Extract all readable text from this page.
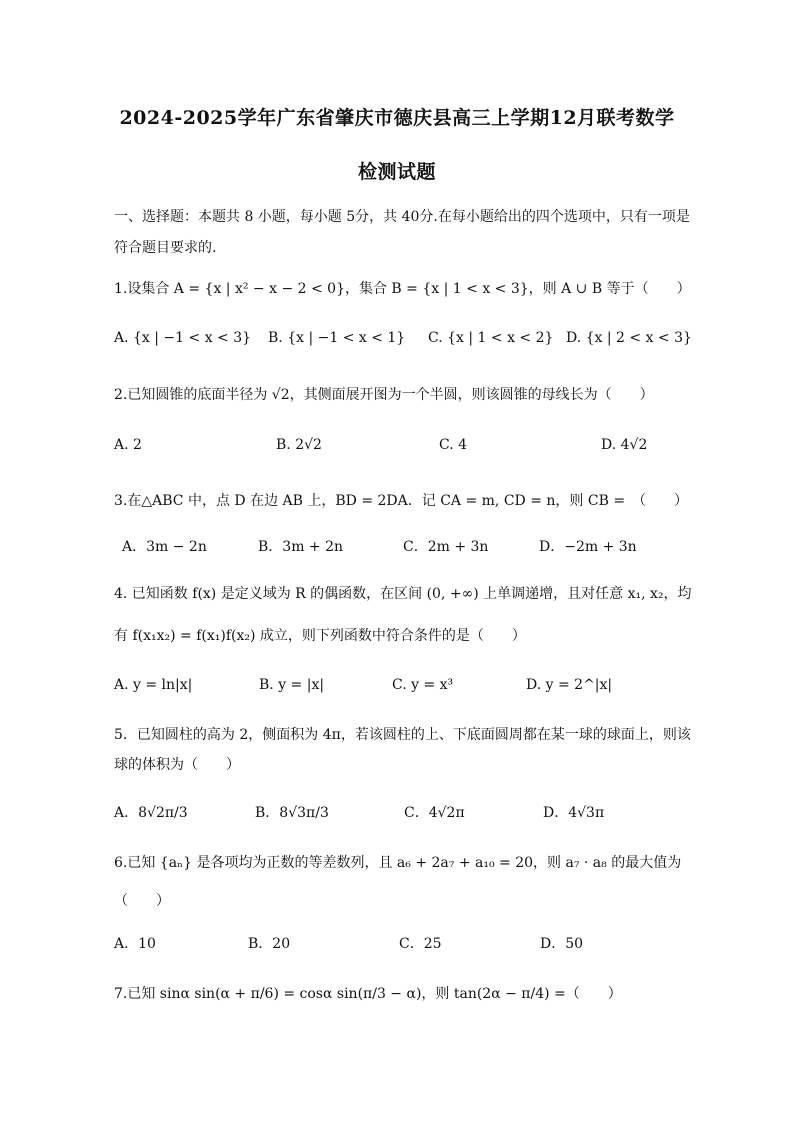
2024-2025学年广东省肇庆市德庆县高三上学期12月联考数学
检测试题
一、选择题：本题共 8 小题，每小题 5分，共 40分.在每小题给出的四个选项中，只有一项是
符合题目要求的.
1.设集合 A = {x | x² − x − 2 < 0}，集合 B = {x | 1 < x < 3}，则 A ∪ B 等于（　　）
A. {x | −1 < x < 3} B. {x | −1 < x < 1} C. {x | 1 < x < 2} D. {x | 2 < x < 3}
2.已知圆锥的底面半径为 √2，其侧面展开图为一个半圆，则该圆锥的母线长为（　　）
A. 2	B. 2√2	C. 4	D. 4√2
3.在△ABC 中，点 D 在边 AB 上，BD = 2DA．记 CA = m, CD = n，则 CB =　（　　）
A．3m − 2n	B．3m + 2n	C．2m + 3n	D．−2m + 3n
4. 已知函数 f(x) 是定义域为 R 的偶函数，在区间 (0, +∞) 上单调递增，且对任意 x₁, x₂，均
有 f(x₁x₂) = f(x₁)f(x₂) 成立，则下列函数中符合条件的是（　　）
A. y = ln|x|	B. y = |x|	C. y = x³	D. y = 2^|x|
5．已知圆柱的高为 2，侧面积为 4π，若该圆柱的上、下底面圆周都在某一球的球面上，则该
球的体积为（　　）
A．8√2π/3	B．8√3π/3	C．4√2π	D．4√3π
6.已知 {aₙ} 是各项均为正数的等差数列，且 a₆ + 2a₇ + a₁₀ = 20，则 a₇ · a₈ 的最大值为
（　　）
A．10	B．20	C．25	D．50
7.已知 sinα sin(α + π/6) = cosα sin(π/3 − α)，则 tan(2α − π/4) =（　　）
